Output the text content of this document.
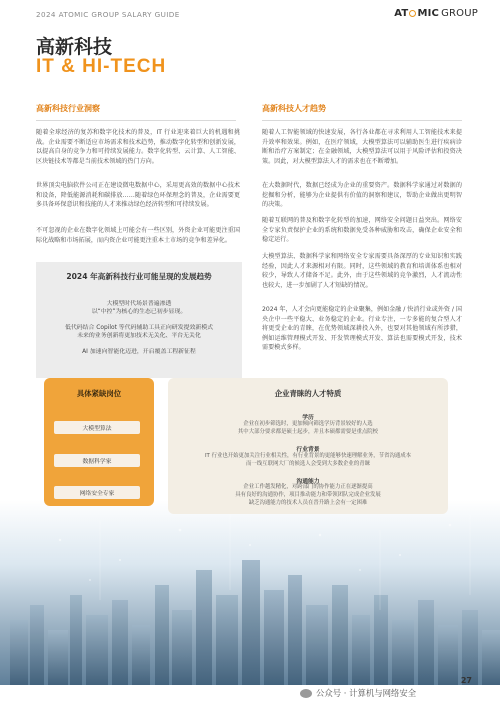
2024 ATOMIC GROUP SALARY GUIDE	AT MIC GROUP
高新科技
IT & HI-TECH
高新科技行业洞察

随着全球经济的复苏和数字化技术的普及，IT 行业迎来着巨大的机遇和挑战。企业需要不断适应市场需求和技术趋势，推动数字化转型和创新发展，以提高自身的竞争力和可持续发展能力。数字化转型、云计算、人工智能、区块链技术等都是当前技术领域的热门方向。

世界顶尖电脑软件公司正在建设微电数据中心，采用更高效的数据中心技术和设备，降低能源消耗和碳排放……随着绿色环保理念的普及，企业需要更多具备环保意识和技能的人才来推动绿色经济转型和可持续发展。

不可忽视的企业在数字化领域上可能会有一些区别，外资企业可能更注重国际化战略和市场拓展，而内资企业可能更注重本土市场的竞争和差异化。

2024 年高新科技行业可能呈现的发展趋势

大模型时代场景普遍渗透
以“中控”为核心的生态已初步显现。

低代码结合 Copilot 等代码辅助工具正向研发提效新模式
未来的业务创新将更加技术无关化、平台无关化

AI 加速向智能化迈进，开启覆盖工程新征程

高新科技人才趋势

随着人工智能领域的快速发展，各行各业都在寻求利用人工智能技术来提升效率和效果。例如，在医疗领域，大模型算法可以辅助医生进行疾病诊断和治疗方案制定；在金融领域，大模型算法可以用于风险评估和投资决策。因此，对大模型算法人才的需求也在不断增加。

在大数据时代，数据已经成为企业的重要资产。数据科学家通过对数据的挖掘和分析，能够为企业提供有价值的洞察和建议，帮助企业做出更明智的决策。

随着互联网的普及和数字化转型的加速，网络安全问题日益突出。网络安全专家负责保护企业的系统和数据免受各种威胁和攻击，确保企业安全和稳定运行。

大模型算法、数据科学家和网络安全专家需要具备深厚的专业知识和实践经验，因此人才来源相对有限。同时，这些领域的教育和培训体系也相对较少，导致人才储备不足。此外，由于这些领域的竞争激烈，人才流动性也较大，进一步加剧了人才短缺的情况。

2024 年，人才会向更能稳定的企业聚集，例如金融 / 快消行业或外资 / 国央企中一些平稳大、业务稳定的企业。行业专注，一专多能的复合型人才将更受企业的青睐，在优势领域深耕投入外，也要对其他领域有所涉猎，例如运维管理模式开发、开发管理模式开发、算法也需要模式开发，技术需要模式多样。

具体紧缺岗位
大模型算法
数据科学家
网络安全专家
企业青睐的人才特质
学历

企业在初步筛选时，更加倾向筛选学历背景较好的人选
其中大部分要求都是硕士起步，并且本硕都需要是重点院校

行业背景

IT 行业也开始更加关注行业相关性，有行业背景的更能够快速理解业务，节省沟通成本
而一线互联网大厂的候选人会受到大多数企业的青睐

沟通能力

企业工作越发精化，对跨部门的协作能力正在逐渐提高
具有良好的沟通协作，项目推动能力和带领团队完成企业发展
缺乏沟通能力的技术人员在晋升路上会有一定困难

27
公众号 · 计算机与网络安全
